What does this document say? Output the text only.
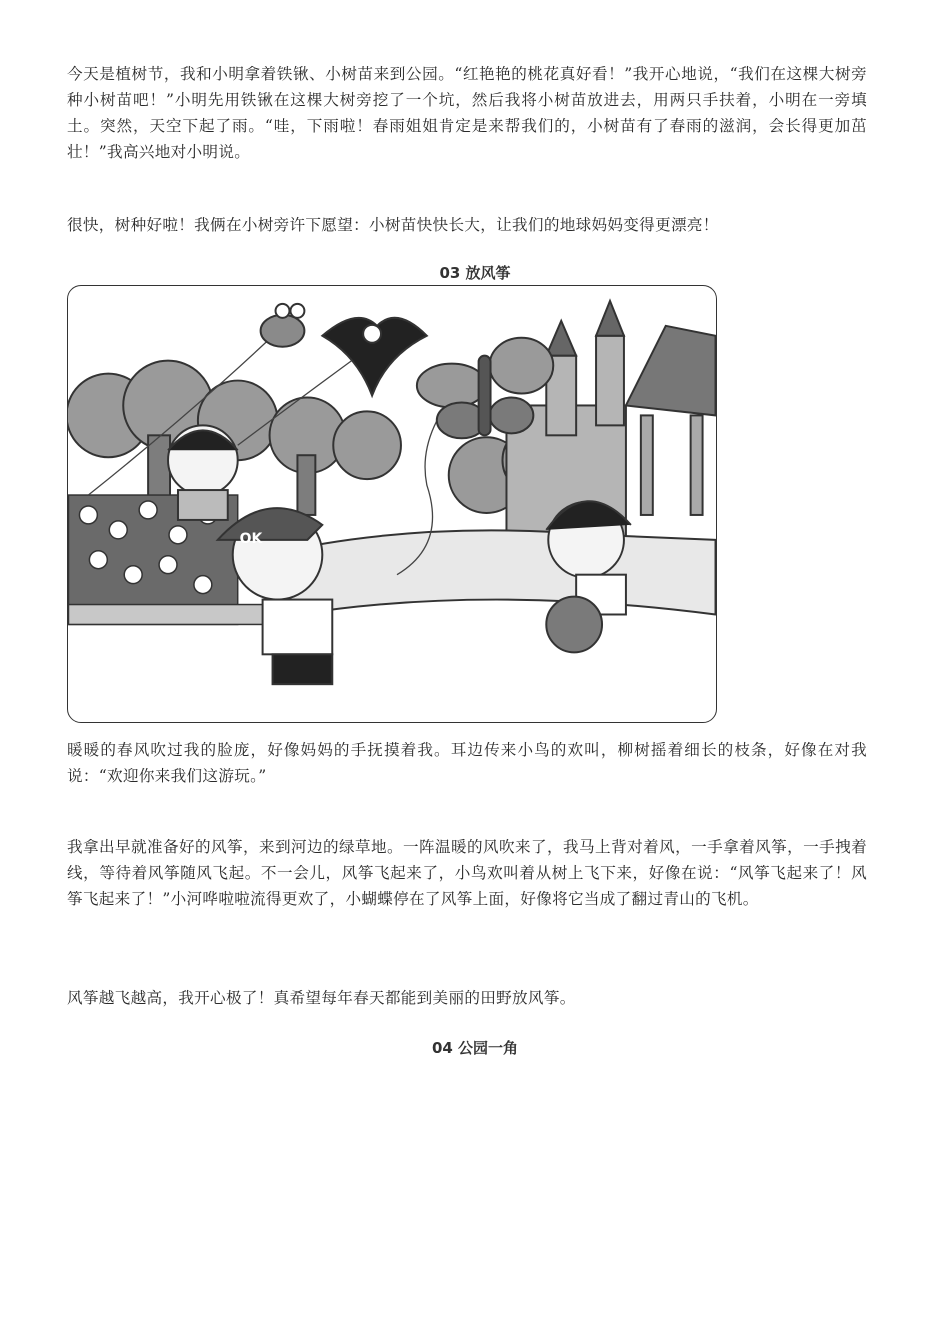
今天是植树节，我和小明拿着铁锹、小树苗来到公园。“红艳艳的桃花真好看！”我开心地说，“我们在这棵大树旁种小树苗吧！”小明先用铁锹在这棵大树旁挖了一个坑，然后我将小树苗放进去，用两只手扶着，小明在一旁填土。突然，天空下起了雨。“哇，下雨啦！春雨姐姐肯定是来帮我们的，小树苗有了春雨的滋润，会长得更加茁壮！”我高兴地对小明说。

很快，树种好啦！我俩在小树旁许下愿望：小树苗快快长大，让我们的地球妈妈变得更漂亮！

03 放风筝
OK

暖暖的春风吹过我的脸庞，好像妈妈的手抚摸着我。耳边传来小鸟的欢叫，柳树摇着细长的枝条，好像在对我说：“欢迎你来我们这游玩。”

我拿出早就准备好的风筝，来到河边的绿草地。一阵温暖的风吹来了，我马上背对着风，一手拿着风筝，一手拽着线，等待着风筝随风飞起。不一会儿，风筝飞起来了，小鸟欢叫着从树上飞下来，好像在说：“风筝飞起来了！风筝飞起来了！”小河哗啦啦流得更欢了，小蝴蝶停在了风筝上面，好像将它当成了翻过青山的飞机。

风筝越飞越高，我开心极了！真希望每年春天都能到美丽的田野放风筝。

04 公园一角
